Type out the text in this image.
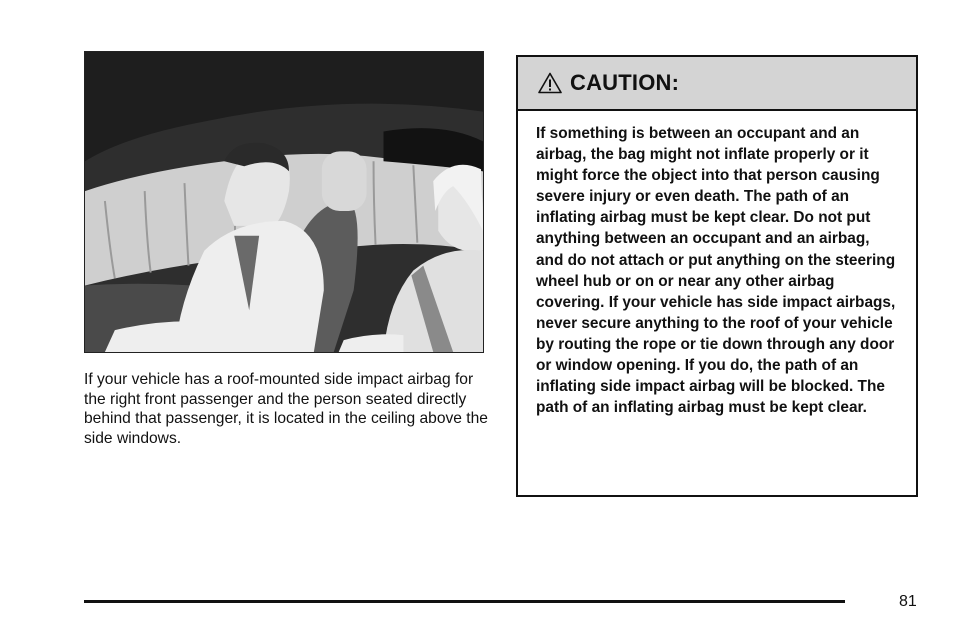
If your vehicle has a roof-mounted side impact airbag for the right front passenger and the person seated directly behind that passenger, it is located in the ceiling above the side windows.

CAUTION:

If something is between an occupant and an airbag, the bag might not inflate properly or it might force the object into that person causing severe injury or even death. The path of an inflating airbag must be kept clear. Do not put anything between an occupant and an airbag, and do not attach or put anything on the steering wheel hub or on or near any other airbag covering. If your vehicle has side impact airbags, never secure anything to the roof of your vehicle by routing the rope or tie down through any door or window opening. If you do, the path of an inflating side impact airbag will be blocked. The path of an inflating airbag must be kept clear.

81
